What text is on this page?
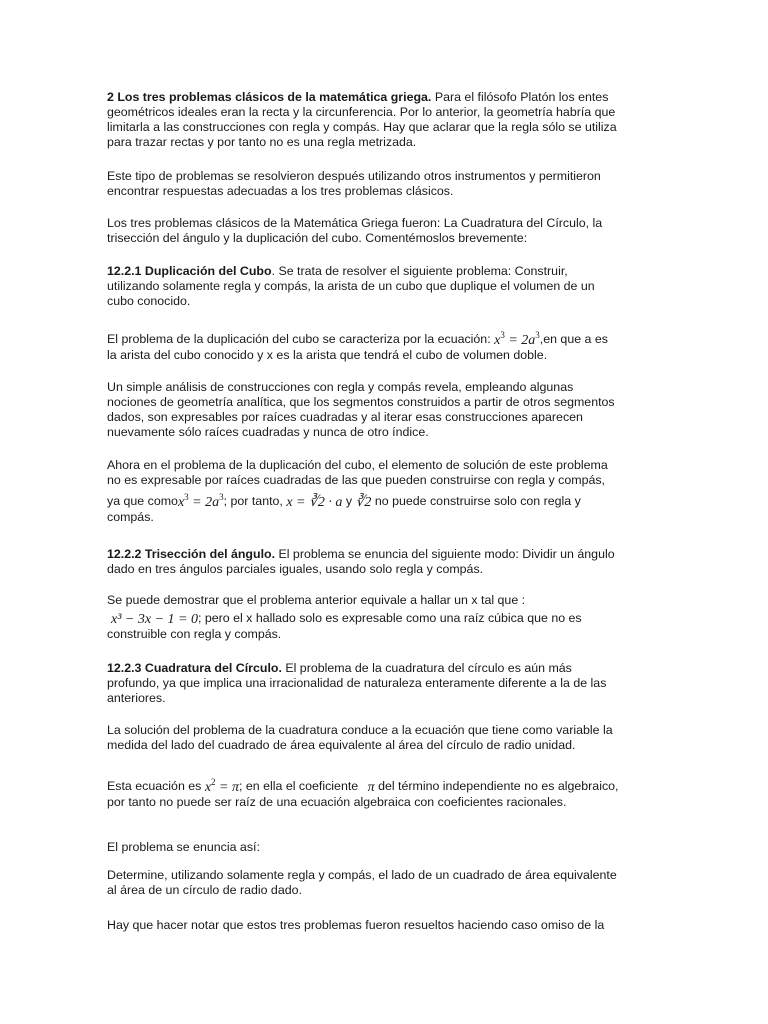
2 Los tres problemas clásicos de la matemática griega. Para el filósofo Platón los entes geométricos ideales eran la recta y la circunferencia. Por lo anterior, la geometría habría que limitarla a las construcciones con regla y compás. Hay que aclarar que la regla sólo se utiliza para trazar rectas y por tanto no es una regla metrizada.

Este tipo de problemas se resolvieron después utilizando otros instrumentos y permitieron encontrar respuestas adecuadas a los tres problemas clásicos.

Los tres problemas clásicos de la Matemática Griega fueron: La Cuadratura del Círculo, la trisección del ángulo y la duplicación del cubo. Comentémoslos brevemente:

12.2.1 Duplicación del Cubo. Se trata de resolver el siguiente problema: Construir, utilizando solamente regla y compás, la arista de un cubo que duplique el volumen de un cubo conocido.

El problema de la duplicación del cubo se caracteriza por la ecuación: $x^3 = 2a^3,en$ que a es la arista del cubo conocido y x es la arista que tendrá el cubo de volumen doble.

Un simple análisis de construcciones con regla y compás revela, empleando algunas nociones de geometría analítica, que los segmentos construidos a partir de otros segmentos dados, son expresables por raíces cuadradas y al iterar esas construcciones aparecen nuevamente sólo raíces cuadradas y nunca de otro índice.

Ahora en el problema de la duplicación del cubo, el elemento de solución de este problema no es expresable por raíces cuadradas de las que pueden construirse con regla y compás,
ya que comox$^3$ = $2a^3$; por tanto, x = ∛2 · a y ∛2 no puede construirse solo con regla y compás.

12.2.2 Trisección del ángulo. El problema se enuncia del siguiente modo: Dividir un ángulo dado en tres ángulos parciales iguales, usando solo regla y compás.

Se puede demostrar que el problema anterior equivale a hallar un x tal que :
x³ − 3x − 1 = 0; pero el x hallado solo es expresable como una raíz cúbica que no es construible con regla y compás.

12.2.3 Cuadratura del Círculo. El problema de la cuadratura del círculo es aún más profundo, ya que implica una irracionalidad de naturaleza enteramente diferente a la de las anteriores.

La solución del problema de la cuadratura conduce a la ecuación que tiene como variable la medida del lado del cuadrado de área equivalente al área del círculo de radio unidad.

Esta ecuación es $x^2 = \pi$; en ella el coeficiente π del término independiente no es algebraico, por tanto no puede ser raíz de una ecuación algebraica con coeficientes racionales.

El problema se enuncia así:

Determine, utilizando solamente regla y compás, el lado de un cuadrado de área equivalente al área de un círculo de radio dado.

Hay que hacer notar que estos tres problemas fueron resueltos haciendo caso omiso de la
